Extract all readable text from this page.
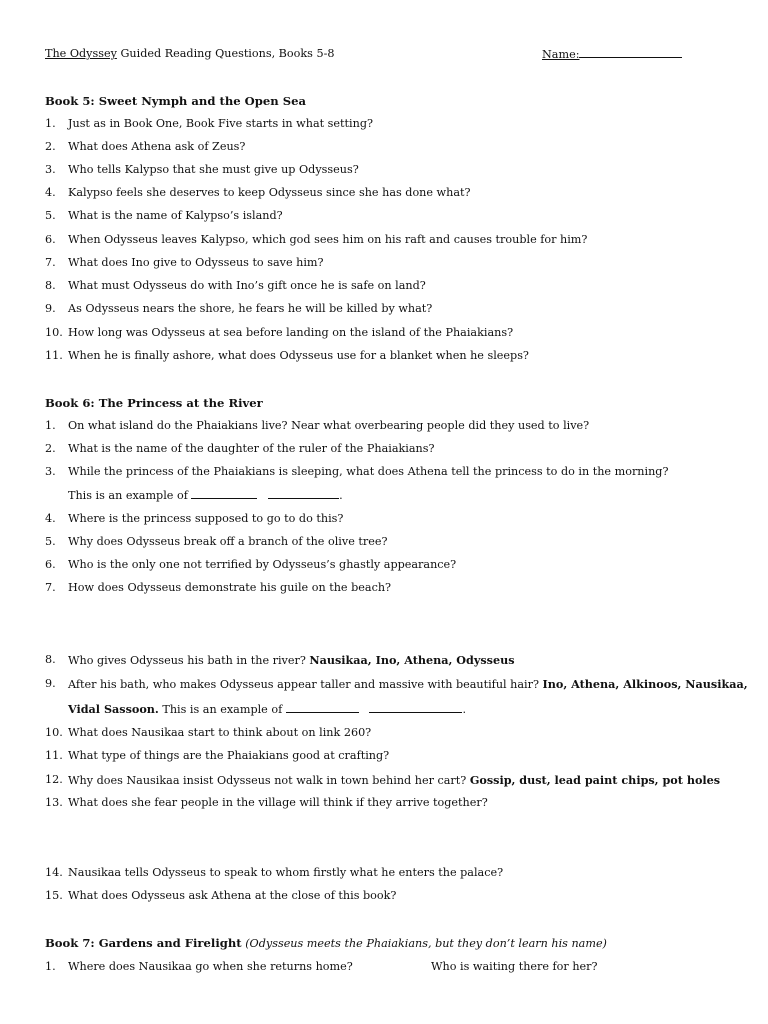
The Odyssey Guided Reading Questions, Books 5-8	Name:
Book 5: Sweet Nymph and the Open Sea
1. Just as in Book One, Book Five starts in what setting?
2. What does Athena ask of Zeus?
3. Who tells Kalypso that she must give up Odysseus?
4. Kalypso feels she deserves to keep Odysseus since she has done what?
5. What is the name of Kalypso’s island?
6. When Odysseus leaves Kalypso, which god sees him on his raft and causes trouble for him?
7. What does Ino give to Odysseus to save him?
8. What must Odysseus do with Ino’s gift once he is safe on land?
9. As Odysseus nears the shore, he fears he will be killed by what?
10. How long was Odysseus at sea before landing on the island of the Phaiakians?
11. When he is finally ashore, what does Odysseus use for a blanket when he sleeps?
Book 6: The Princess at the River
1. On what island do the Phaiakians live? Near what overbearing people did they used to live?
2. What is the name of the daughter of the ruler of the Phaiakians?
3. While the princess of the Phaiakians is sleeping, what does Athena tell the princess to do in the morning?
This is an example of	.
4. Where is the princess supposed to go to do this?
5. Why does Odysseus break off a branch of the olive tree?
6. Who is the only one not terrified by Odysseus’s ghastly appearance?
7. How does Odysseus demonstrate his guile on the beach?
8. Who gives Odysseus his bath in the river? Nausikaa, Ino, Athena, Odysseus
9. After his bath, who makes Odysseus appear taller and massive with beautiful hair? Ino, Athena, Alkinoos, Nausikaa,
Vidal Sassoon. This is an example of	.
10. What does Nausikaa start to think about on link 260?
11. What type of things are the Phaiakians good at crafting?
12. Why does Nausikaa insist Odysseus not walk in town behind her cart? Gossip, dust, lead paint chips, pot holes
13. What does she fear people in the village will think if they arrive together?
14. Nausikaa tells Odysseus to speak to whom firstly what he enters the palace?
15. What does Odysseus ask Athena at the close of this book?
Book 7: Gardens and Firelight (Odysseus meets the Phaiakians, but they don’t learn his name)
1. Where does Nausikaa go when she returns home?	Who is waiting there for her?
